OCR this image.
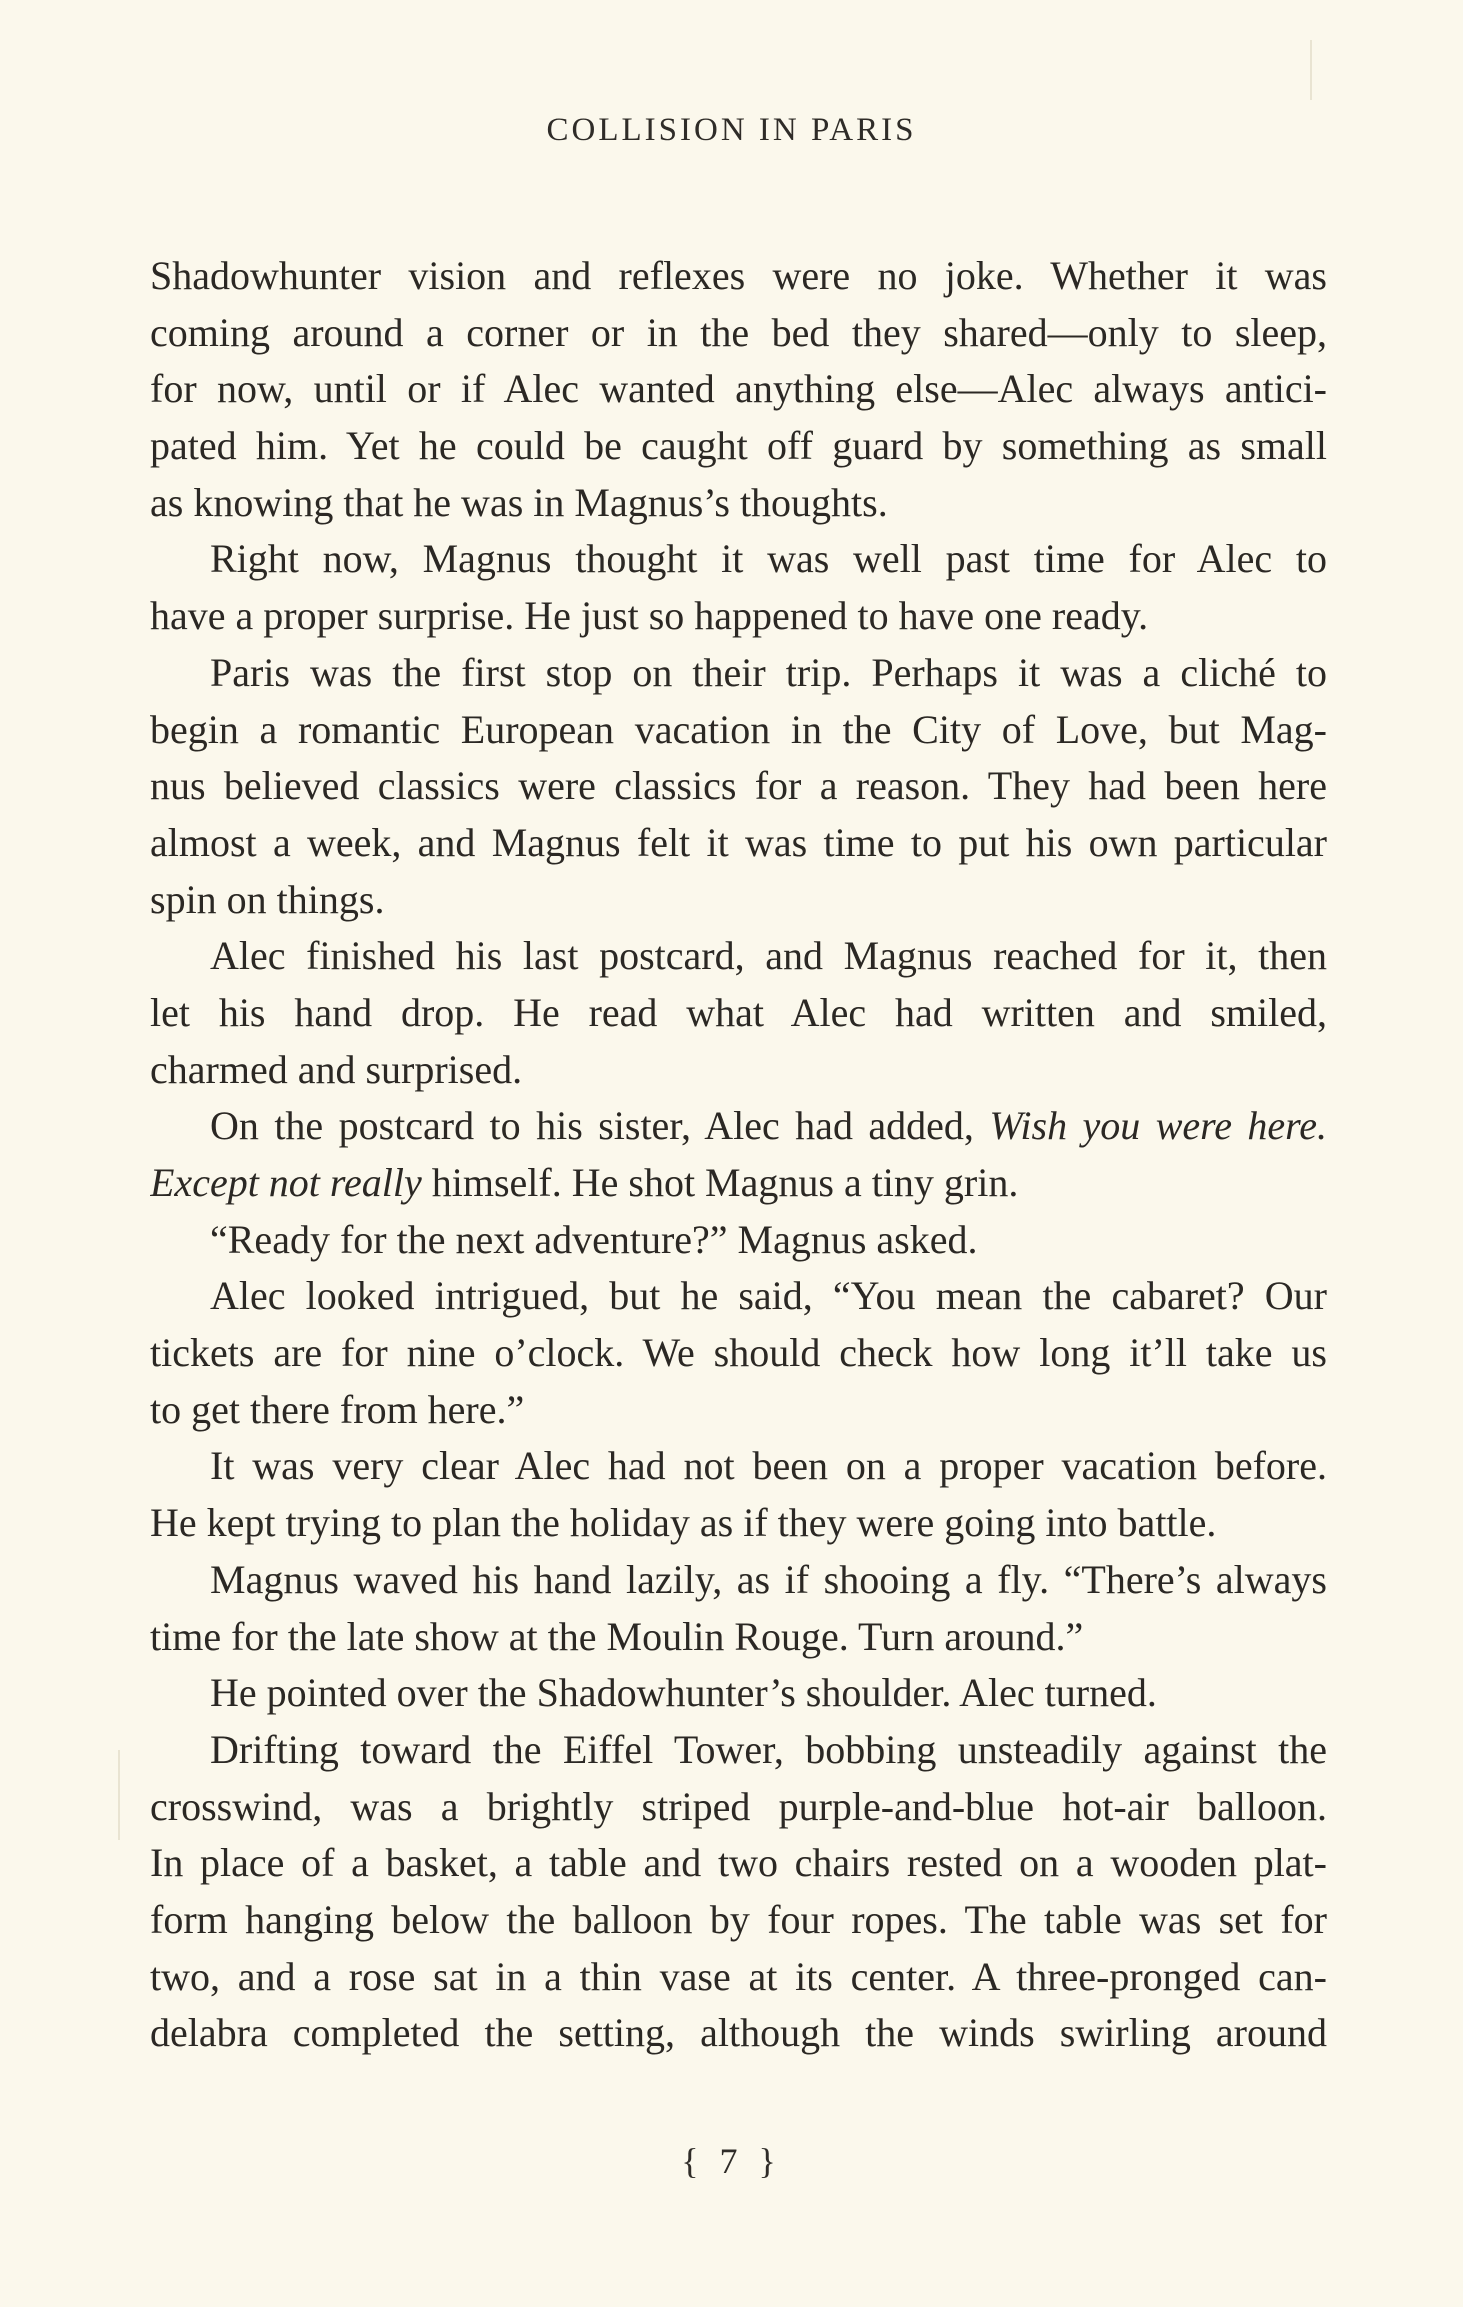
COLLISION IN PARIS
Shadowhunter vision and reflexes were no joke. Whether it was
coming around a corner or in the bed they shared—only to sleep,
for now, until or if Alec wanted anything else—Alec always antici-
pated him. Yet he could be caught off guard by something as small
as knowing that he was in Magnus’s thoughts.
Right now, Magnus thought it was well past time for Alec to
have a proper surprise. He just so happened to have one ready.
Paris was the first stop on their trip. Perhaps it was a cliché to
begin a romantic European vacation in the City of Love, but Mag-
nus believed classics were classics for a reason. They had been here
almost a week, and Magnus felt it was time to put his own particular
spin on things.
Alec finished his last postcard, and Magnus reached for it, then
let his hand drop. He read what Alec had written and smiled,
charmed and surprised.
On the postcard to his sister, Alec had added, Wish you were here.
Except not really himself. He shot Magnus a tiny grin.
“Ready for the next adventure?” Magnus asked.
Alec looked intrigued, but he said, “You mean the cabaret? Our
tickets are for nine o’clock. We should check how long it’ll take us
to get there from here.”
It was very clear Alec had not been on a proper vacation before.
He kept trying to plan the holiday as if they were going into battle.
Magnus waved his hand lazily, as if shooing a fly. “There’s always
time for the late show at the Moulin Rouge. Turn around.”
He pointed over the Shadowhunter’s shoulder. Alec turned.
Drifting toward the Eiffel Tower, bobbing unsteadily against the
crosswind, was a brightly striped purple-and-blue hot-air balloon.
In place of a basket, a table and two chairs rested on a wooden plat-
form hanging below the balloon by four ropes. The table was set for
two, and a rose sat in a thin vase at its center. A three-pronged can-
delabra completed the setting, although the winds swirling around
{ 7 }
